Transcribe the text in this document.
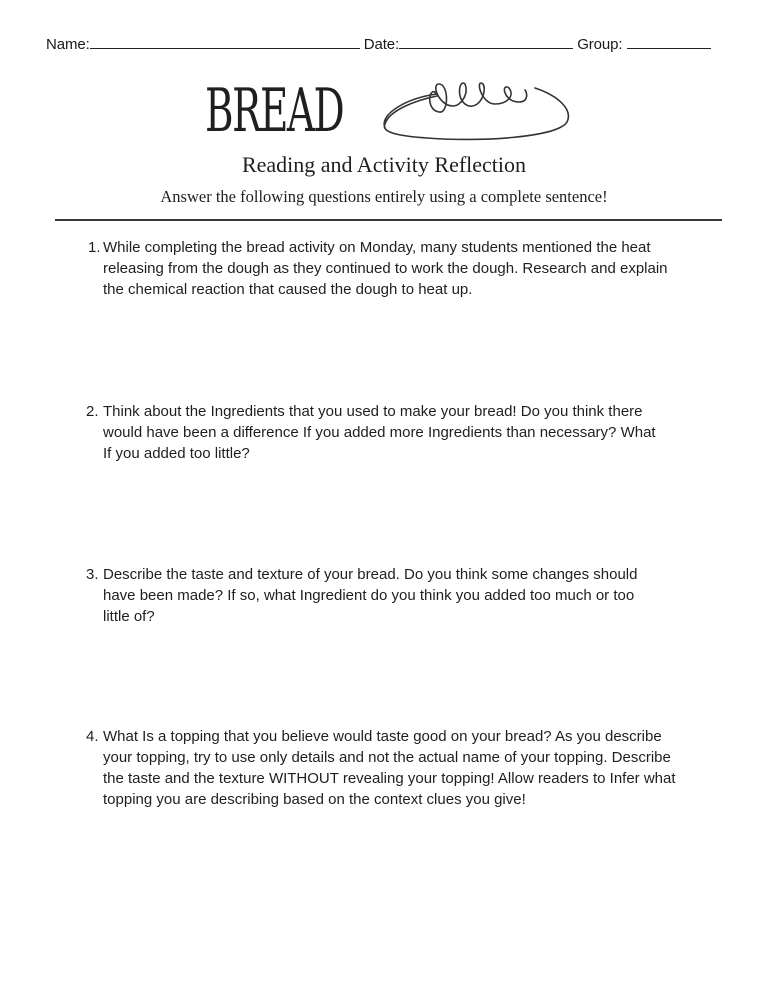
Name:	Date:	Group:
BREAD
Reading and Activity Reflection
Answer the following questions entirely using a complete sentence!
1. While completing the bread activity on Monday, many students mentioned the heat releasing from the dough as they continued to work the dough. Research and explain the chemical reaction that caused the dough to heat up.
2. Think about the Ingredients that you used to make your bread! Do you think there would have been a difference If you added more Ingredients than necessary? What If you added too little?
3. Describe the taste and texture of your bread. Do you think some changes should have been made? If so, what Ingredient do you think you added too much or too little of?
4. What Is a topping that you believe would taste good on your bread? As you describe your topping, try to use only details and not the actual name of your topping. Describe the taste and the texture WITHOUT revealing your topping! Allow readers to Infer what topping you are describing based on the context clues you give!
